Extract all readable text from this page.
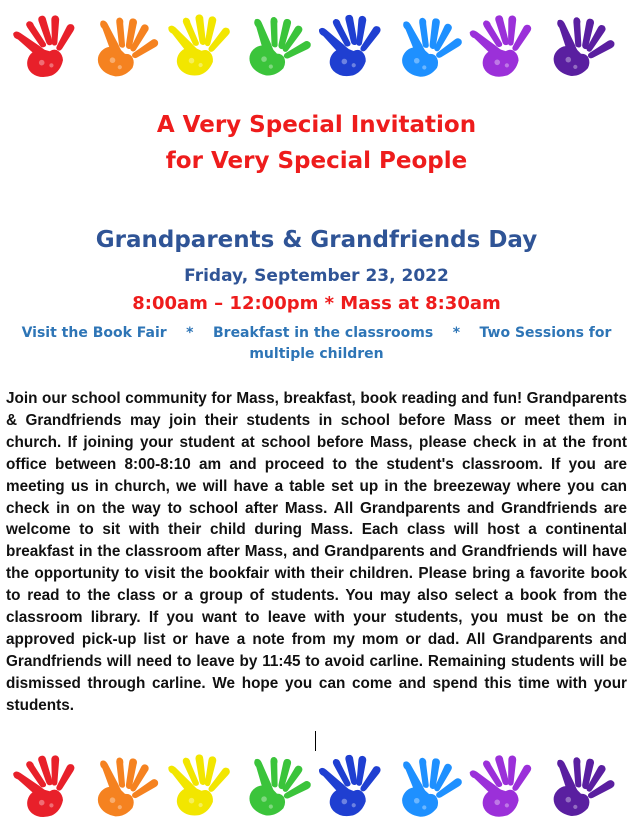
A Very Special Invitation
for Very Special People
Grandparents & Grandfriends Day
Friday, September 23, 2022
8:00am – 12:00pm * Mass at 8:30am
Visit the Book Fair    *    Breakfast in the classrooms    *    Two Sessions for multiple children

Join our school community for Mass, breakfast, book reading and fun! Grandparents & Grandfriends may join their students in school before Mass or meet them in church. If joining your student at school before Mass, please check in at the front office between 8:00-8:10 am and proceed to the student's classroom. If you are meeting us in church, we will have a table set up in the breezeway where you can check in on the way to school after Mass. All Grandparents and Grandfriends are welcome to sit with their child during Mass. Each class will host a continental breakfast in the classroom after Mass, and Grandparents and Grandfriends will have the opportunity to visit the bookfair with their children. Please bring a favorite book to read to the class or a group of students. You may also select a book from the classroom library. If you want to leave with your students, you must be on the approved pick-up list or have a note from my mom or dad. All Grandparents and Grandfriends will need to leave by 11:45 to avoid carline. Remaining students will be dismissed through carline. We hope you can come and spend this time with your students.
